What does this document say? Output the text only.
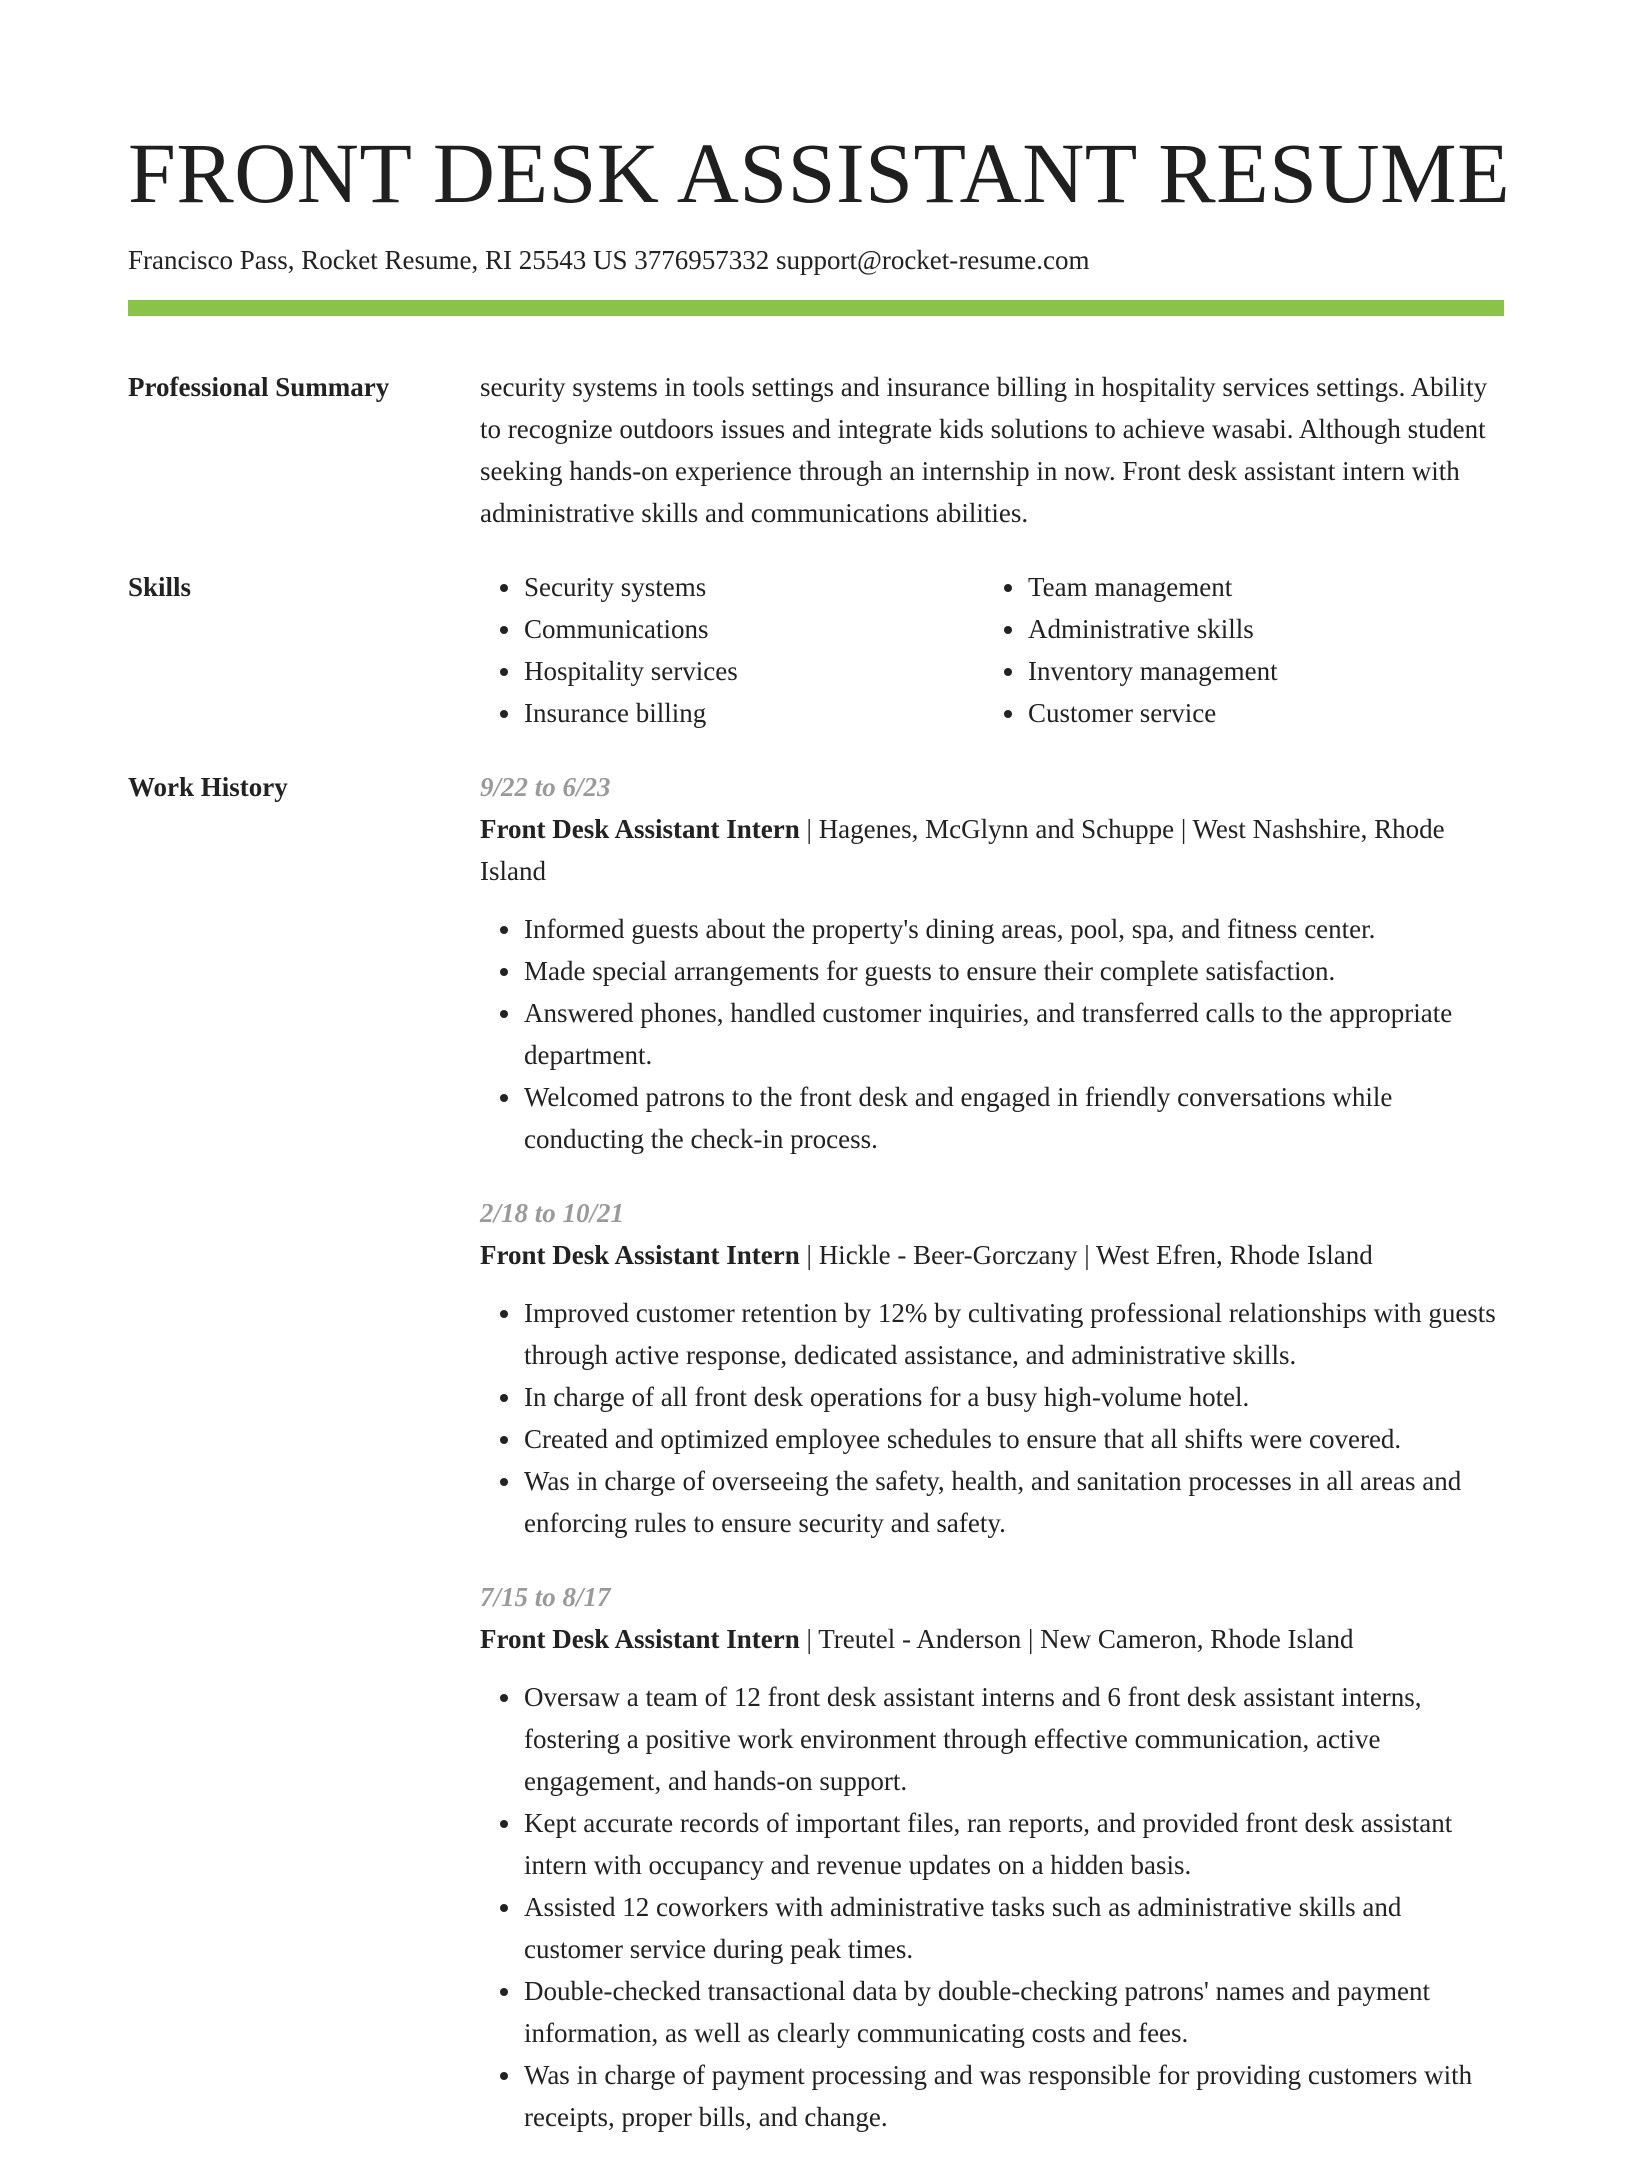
FRONT DESK ASSISTANT RESUME
Francisco Pass, Rocket Resume, RI 25543 US 3776957332 support@rocket-resume.com
Professional Summary	security systems in tools settings and insurance billing in hospitality services settings. Ability to recognize outdoors issues and integrate kids solutions to achieve wasabi. Although student seeking hands-on experience through an internship in now. Front desk assistant intern with administrative skills and communications abilities.
Skills	Security systems
Communications
Hospitality services
Insurance billing
Team management
Administrative skills
Inventory management
Customer service
Work History	9/22 to 6/23
Front Desk Assistant Intern | Hagenes, McGlynn and Schuppe | West Nashshire, Rhode Island
Informed guests about the property's dining areas, pool, spa, and fitness center.
Made special arrangements for guests to ensure their complete satisfaction.
Answered phones, handled customer inquiries, and transferred calls to the appropriate department.
Welcomed patrons to the front desk and engaged in friendly conversations while conducting the check-in process.
2/18 to 10/21
Front Desk Assistant Intern | Hickle - Beer-Gorczany | West Efren, Rhode Island
Improved customer retention by 12% by cultivating professional relationships with guests through active response, dedicated assistance, and administrative skills.
In charge of all front desk operations for a busy high-volume hotel.
Created and optimized employee schedules to ensure that all shifts were covered.
Was in charge of overseeing the safety, health, and sanitation processes in all areas and enforcing rules to ensure security and safety.
7/15 to 8/17
Front Desk Assistant Intern | Treutel - Anderson | New Cameron, Rhode Island
Oversaw a team of 12 front desk assistant interns and 6 front desk assistant interns, fostering a positive work environment through effective communication, active engagement, and hands-on support.
Kept accurate records of important files, ran reports, and provided front desk assistant intern with occupancy and revenue updates on a hidden basis.
Assisted 12 coworkers with administrative tasks such as administrative skills and customer service during peak times.
Double-checked transactional data by double-checking patrons' names and payment information, as well as clearly communicating costs and fees.
Was in charge of payment processing and was responsible for providing customers with receipts, proper bills, and change.
